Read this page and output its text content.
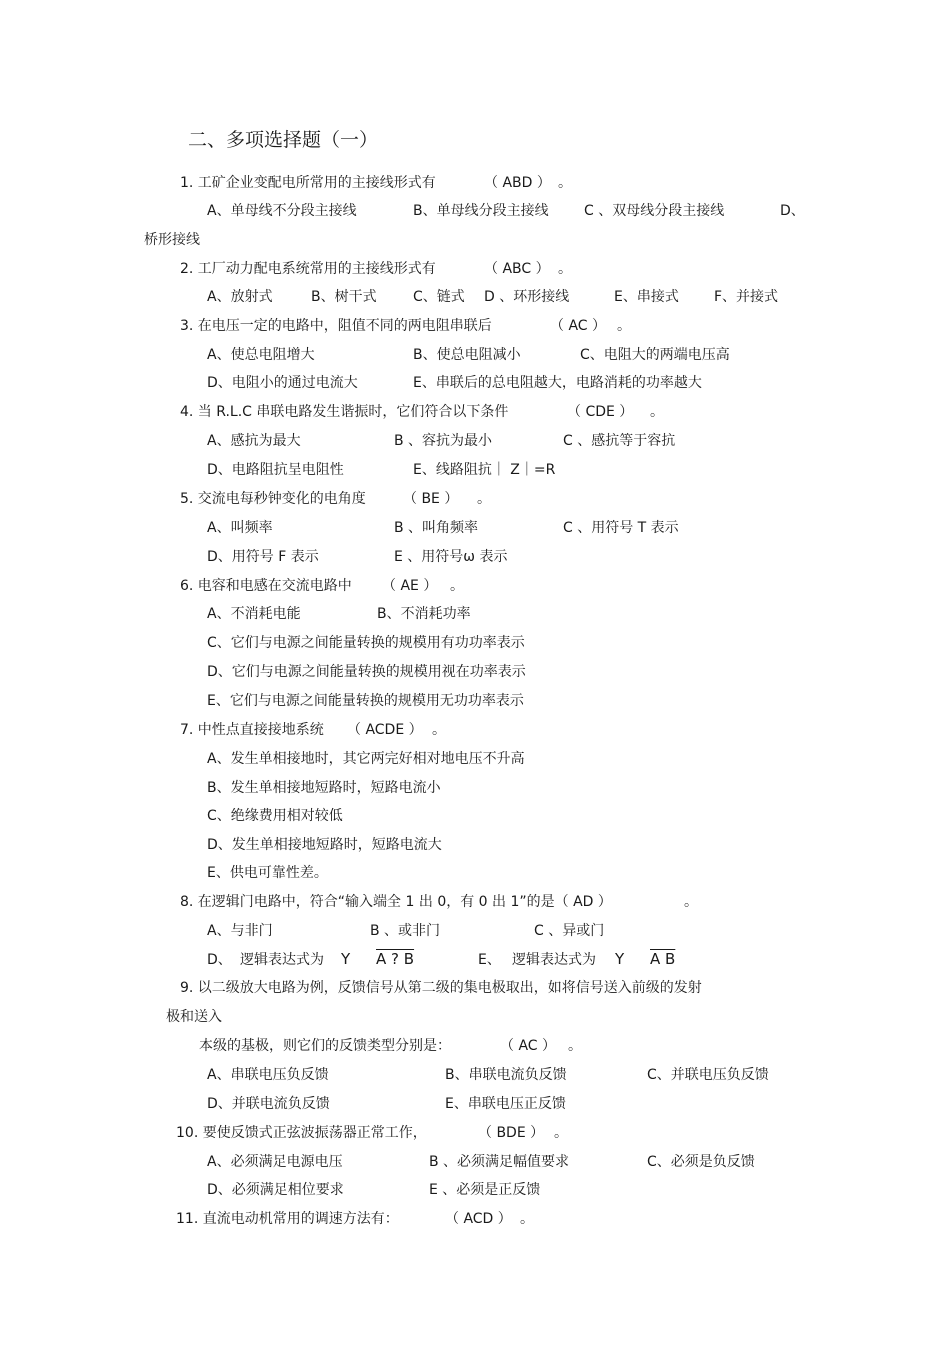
二、多项选择题（一）
1. 工矿企业变配电所常用的主接线形式有	（ ABD ） 。
A、单母线不分段主接线	B、单母线分段主接线	C 、双母线分段主接线	D、
桥形接线
2. 工厂动力配电系统常用的主接线形式有	（ ABC ） 。
A、放射式	B、树干式	C、链式 D 、环形接线	E、串接式	F、并接式
3. 在电压一定的电路中，阻值不同的两电阻串联后	（ AC ） 。
A、使总电阻增大	B、使总电阻减小	C、电阻大的两端电压高
D、电阻小的通过电流大	E、串联后的总电阻越大，电路消耗的功率越大
4. 当 R.L.C 串联电路发生谐振时，它们符合以下条件	（ CDE ） 。
A、感抗为最大	B 、容抗为最小	C 、感抗等于容抗
D、电路阻抗呈电阻性	E、线路阻抗｜ Z｜=R
5. 交流电每秒钟变化的电角度	（ BE ） 。
A、叫频率	B 、叫角频率	C 、用符号 T 表示
D、用符号 F 表示	E 、用符号ω 表示
6. 电容和电感在交流电路中 （ AE ） 。
A、不消耗电能	B、不消耗功率
C、它们与电源之间能量转换的规模用有功功率表示
D、它们与电源之间能量转换的规模用视在功率表示
E、它们与电源之间能量转换的规模用无功功率表示
7. 中性点直接接地系统 （ ACDE ） 。
A、发生单相接地时，其它两完好相对地电压不升高
B、发生单相接地短路时，短路电流小
C、绝缘费用相对较低
D、发生单相接地短路时，短路电流大
E、供电可靠性差。
8. 在逻辑门电路中，符合“输入端全 1 出 0，有 0 出 1”的是（ AD ）	。
A、与非门	B 、或非门	C 、异或门
D、 逻辑表达式为 Y A ? B	E、 逻辑表达式为 Y A B
9. 以二级放大电路为例，反馈信号从第二级的集电极取出，如将信号送入前级的发射
极和送入
本级的基极，则它们的反馈类型分别是：	（ AC ） 。
A、串联电压负反馈	B、串联电流负反馈	C、并联电压负反馈
D、并联电流负反馈	E、串联电压正反馈
10. 要使反馈式正弦波振荡器正常工作，	（ BDE ） 。
A、必须满足电源电压	B 、必须满足幅值要求	C、必须是负反馈
D、必须满足相位要求	E 、必须是正反馈
11. 直流电动机常用的调速方法有：	（ ACD ） 。
